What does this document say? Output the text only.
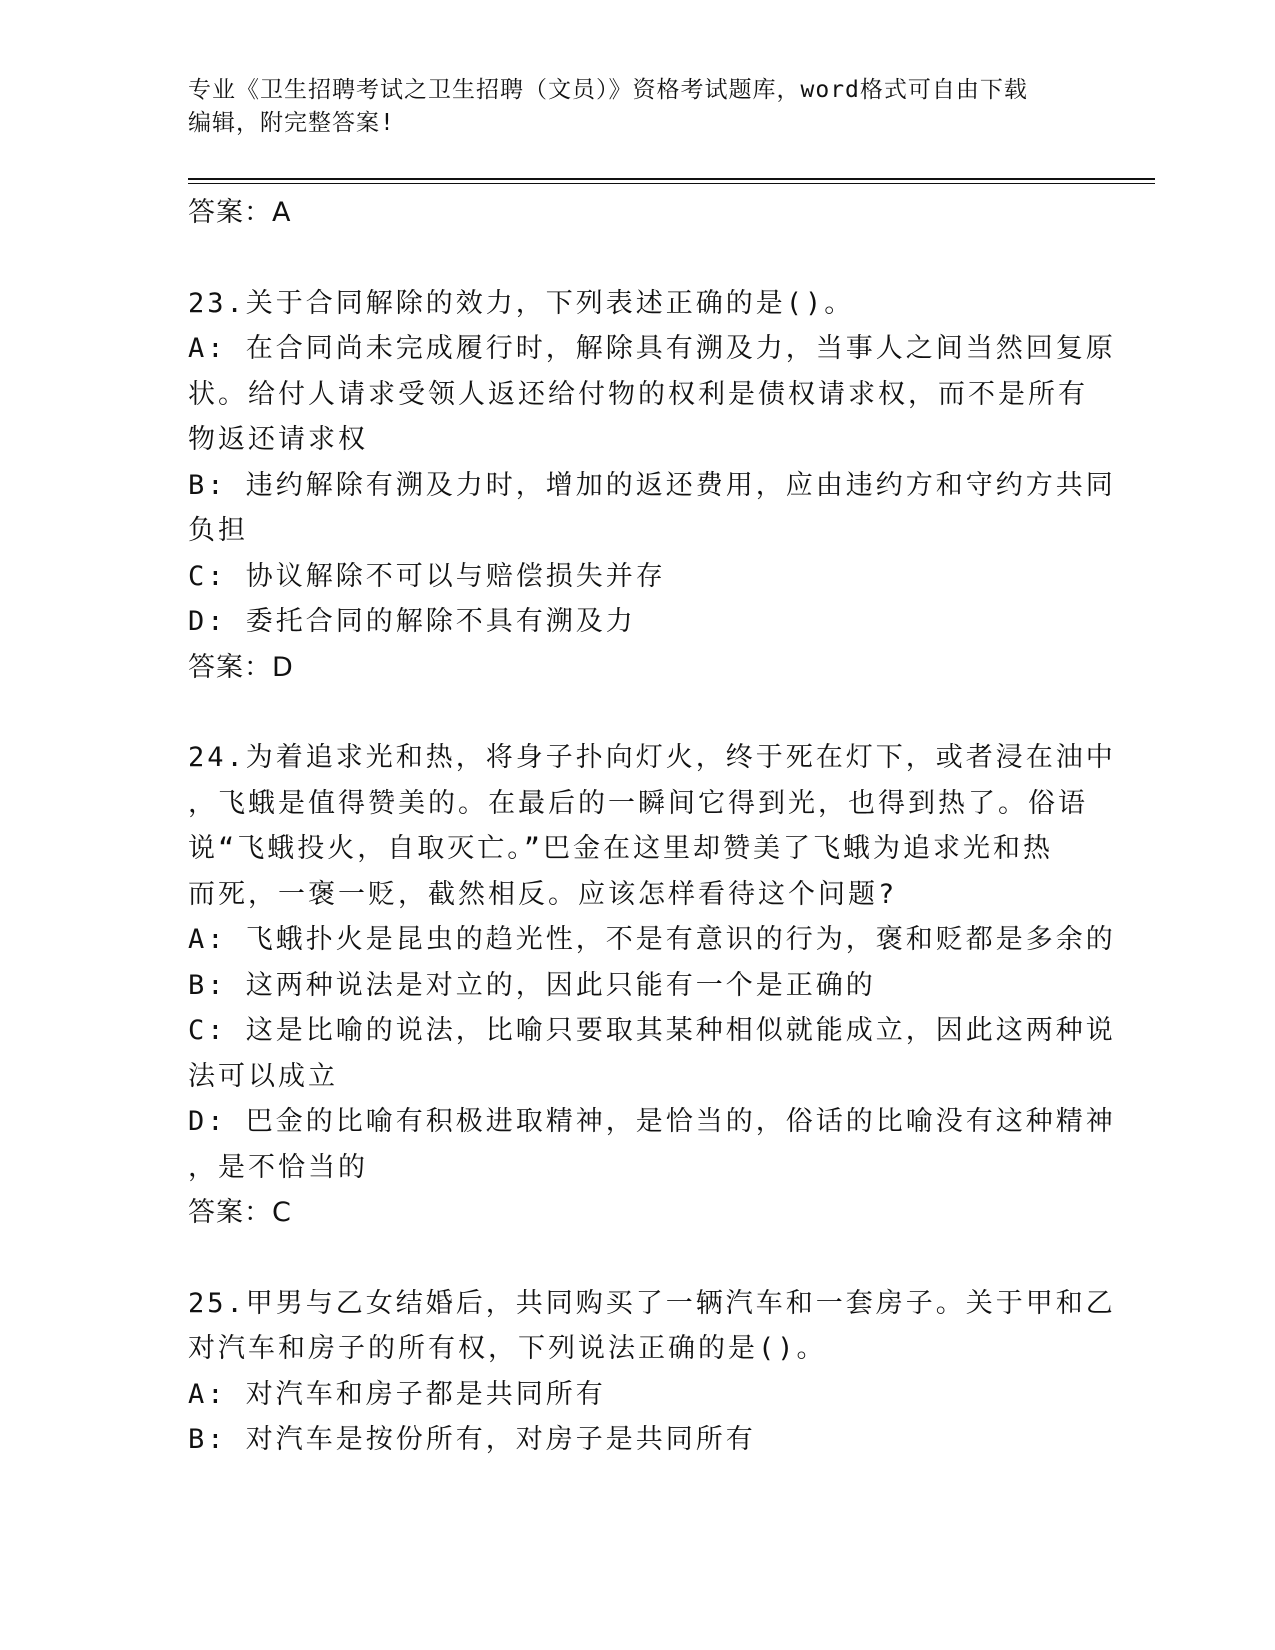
专业《卫生招聘考试之卫生招聘（文员）》资格考试题库，word格式可自由下载
编辑，附完整答案!
答案：A
23.关于合同解除的效力，下列表述正确的是()。
A: 在合同尚未完成履行时，解除具有溯及力，当事人之间当然回复原
状。给付人请求受领人返还给付物的权利是债权请求权，而不是所有
物返还请求权
B: 违约解除有溯及力时，增加的返还费用，应由违约方和守约方共同
负担
C: 协议解除不可以与赔偿损失并存
D: 委托合同的解除不具有溯及力
答案：D
24.为着追求光和热，将身子扑向灯火，终于死在灯下，或者浸在油中
，飞蛾是值得赞美的。在最后的一瞬间它得到光，也得到热了。俗语
说“飞蛾投火，自取灭亡。”巴金在这里却赞美了飞蛾为追求光和热
而死，一褒一贬，截然相反。应该怎样看待这个问题?
A: 飞蛾扑火是昆虫的趋光性，不是有意识的行为，褒和贬都是多余的
B: 这两种说法是对立的，因此只能有一个是正确的
C: 这是比喻的说法，比喻只要取其某种相似就能成立，因此这两种说
法可以成立
D: 巴金的比喻有积极进取精神，是恰当的，俗话的比喻没有这种精神
，是不恰当的
答案：C
25.甲男与乙女结婚后，共同购买了一辆汽车和一套房子。关于甲和乙
对汽车和房子的所有权，下列说法正确的是()。
A: 对汽车和房子都是共同所有
B: 对汽车是按份所有，对房子是共同所有
